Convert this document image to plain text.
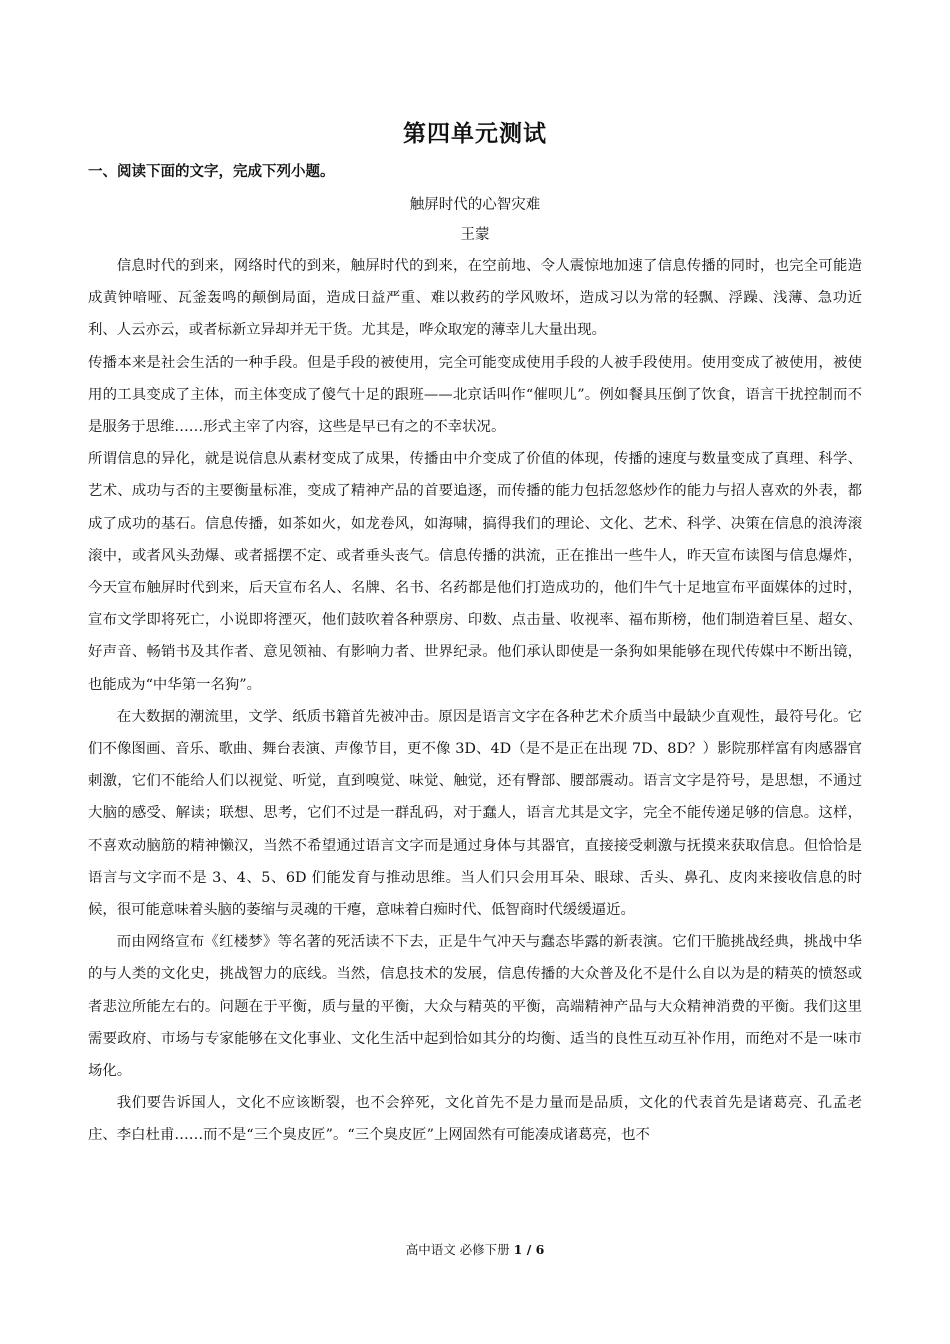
第四单元测试
一、阅读下面的文字，完成下列小题。
触屏时代的心智灾难
王蒙

信息时代的到来，网络时代的到来，触屏时代的到来，在空前地、令人震惊地加速了信息传播的同时，也完全可能造成黄钟喑哑、瓦釜轰鸣的颠倒局面，造成日益严重、难以救药的学风败坏，造成习以为常的轻飘、浮躁、浅薄、急功近利、人云亦云，或者标新立异却并无干货。尤其是，哗众取宠的薄幸儿大量出现。

传播本来是社会生活的一种手段。但是手段的被使用，完全可能变成使用手段的人被手段使用。使用变成了被使用，被使用的工具变成了主体，而主体变成了傻气十足的跟班——北京话叫作“催呗儿”。例如餐具压倒了饮食，语言干扰控制而不是服务于思维……形式主宰了内容，这些是早已有之的不幸状况。

所谓信息的异化，就是说信息从素材变成了成果，传播由中介变成了价值的体现，传播的速度与数量变成了真理、科学、艺术、成功与否的主要衡量标准，变成了精神产品的首要追逐，而传播的能力包括忽悠炒作的能力与招人喜欢的外表，都成了成功的基石。信息传播，如茶如火，如龙卷风，如海啸，搞得我们的理论、文化、艺术、科学、决策在信息的浪涛滚滚中，或者风头劲爆、或者摇摆不定、或者垂头丧气。信息传播的洪流，正在推出一些牛人，昨天宣布读图与信息爆炸，今天宣布触屏时代到来，后天宣布名人、名牌、名书、名药都是他们打造成功的，他们牛气十足地宣布平面媒体的过时，宣布文学即将死亡，小说即将湮灭，他们鼓吹着各种票房、印数、点击量、收视率、福布斯榜，他们制造着巨星、超女、好声音、畅销书及其作者、意见领袖、有影响力者、世界纪录。他们承认即使是一条狗如果能够在现代传媒中不断出镜，也能成为“中华第一名狗”。

在大数据的潮流里，文学、纸质书籍首先被冲击。原因是语言文字在各种艺术介质当中最缺少直观性，最符号化。它们不像图画、音乐、歌曲、舞台表演、声像节目，更不像 3D、4D（是不是正在出现 7D、8D？）影院那样富有肉感器官刺激，它们不能给人们以视觉、听觉，直到嗅觉、味觉、触觉，还有臀部、腰部震动。语言文字是符号，是思想，不通过大脑的感受、解读；联想、思考，它们不过是一群乱码，对于蠢人，语言尤其是文字，完全不能传递足够的信息。这样，不喜欢动脑筋的精神懒汉，当然不希望通过语言文字而是通过身体与其器官，直接接受刺激与抚摸来获取信息。但恰恰是语言与文字而不是 3、4、5、6D 们能发育与推动思维。当人们只会用耳朵、眼球、舌头、鼻孔、皮肉来接收信息的时候，很可能意味着头脑的萎缩与灵魂的干瘪，意味着白痴时代、低智商时代缓缓逼近。

而由网络宣布《红楼梦》等名著的死活读不下去，正是牛气冲天与蠢态毕露的新表演。它们干脆挑战经典，挑战中华的与人类的文化史，挑战智力的底线。当然，信息技术的发展，信息传播的大众普及化不是什么自以为是的精英的愤怒或者悲泣所能左右的。问题在于平衡，质与量的平衡，大众与精英的平衡，高端精神产品与大众精神消费的平衡。我们这里需要政府、市场与专家能够在文化事业、文化生活中起到恰如其分的均衡、适当的良性互动互补作用，而绝对不是一味市场化。

我们要告诉国人，文化不应该断裂，也不会猝死，文化首先不是力量而是品质，文化的代表首先是诸葛亮、孔孟老庄、李白杜甫……而不是“三个臭皮匠”。“三个臭皮匠”上网固然有可能凑成诸葛亮，也不

高中语文 必修下册 1 / 6
